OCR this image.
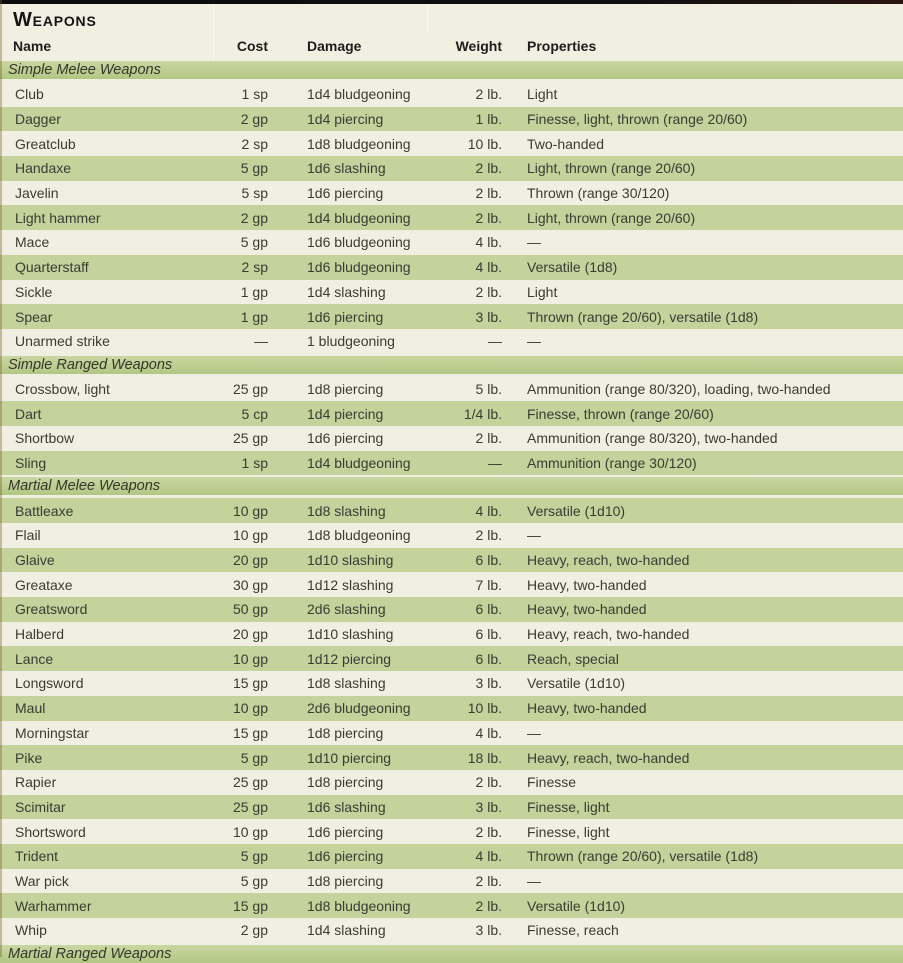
Weapons
Name	Cost	Damage	Weight	Properties
Simple Melee Weapons
Club	1 sp	1d4 bludgeoning	2 lb.	Light
Dagger	2 gp	1d4 piercing	1 lb.	Finesse, light, thrown (range 20/60)
Greatclub	2 sp	1d8 bludgeoning	10 lb.	Two-handed
Handaxe	5 gp	1d6 slashing	2 lb.	Light, thrown (range 20/60)
Javelin	5 sp	1d6 piercing	2 lb.	Thrown (range 30/120)
Light hammer	2 gp	1d4 bludgeoning	2 lb.	Light, thrown (range 20/60)
Mace	5 gp	1d6 bludgeoning	4 lb.	—
Quarterstaff	2 sp	1d6 bludgeoning	4 lb.	Versatile (1d8)
Sickle	1 gp	1d4 slashing	2 lb.	Light
Spear	1 gp	1d6 piercing	3 lb.	Thrown (range 20/60), versatile (1d8)
Unarmed strike	—	1 bludgeoning	—	—
Simple Ranged Weapons
Crossbow, light	25 gp	1d8 piercing	5 lb.	Ammunition (range 80/320), loading, two-handed
Dart	5 cp	1d4 piercing	1/4 lb.	Finesse, thrown (range 20/60)
Shortbow	25 gp	1d6 piercing	2 lb.	Ammunition (range 80/320), two-handed
Sling	1 sp	1d4 bludgeoning	—	Ammunition (range 30/120)
Martial Melee Weapons
Battleaxe	10 gp	1d8 slashing	4 lb.	Versatile (1d10)
Flail	10 gp	1d8 bludgeoning	2 lb.	—
Glaive	20 gp	1d10 slashing	6 lb.	Heavy, reach, two-handed
Greataxe	30 gp	1d12 slashing	7 lb.	Heavy, two-handed
Greatsword	50 gp	2d6 slashing	6 lb.	Heavy, two-handed
Halberd	20 gp	1d10 slashing	6 lb.	Heavy, reach, two-handed
Lance	10 gp	1d12 piercing	6 lb.	Reach, special
Longsword	15 gp	1d8 slashing	3 lb.	Versatile (1d10)
Maul	10 gp	2d6 bludgeoning	10 lb.	Heavy, two-handed
Morningstar	15 gp	1d8 piercing	4 lb.	—
Pike	5 gp	1d10 piercing	18 lb.	Heavy, reach, two-handed
Rapier	25 gp	1d8 piercing	2 lb.	Finesse
Scimitar	25 gp	1d6 slashing	3 lb.	Finesse, light
Shortsword	10 gp	1d6 piercing	2 lb.	Finesse, light
Trident	5 gp	1d6 piercing	4 lb.	Thrown (range 20/60), versatile (1d8)
War pick	5 gp	1d8 piercing	2 lb.	—
Warhammer	15 gp	1d8 bludgeoning	2 lb.	Versatile (1d10)
Whip	2 gp	1d4 slashing	3 lb.	Finesse, reach
Martial Ranged Weapons
